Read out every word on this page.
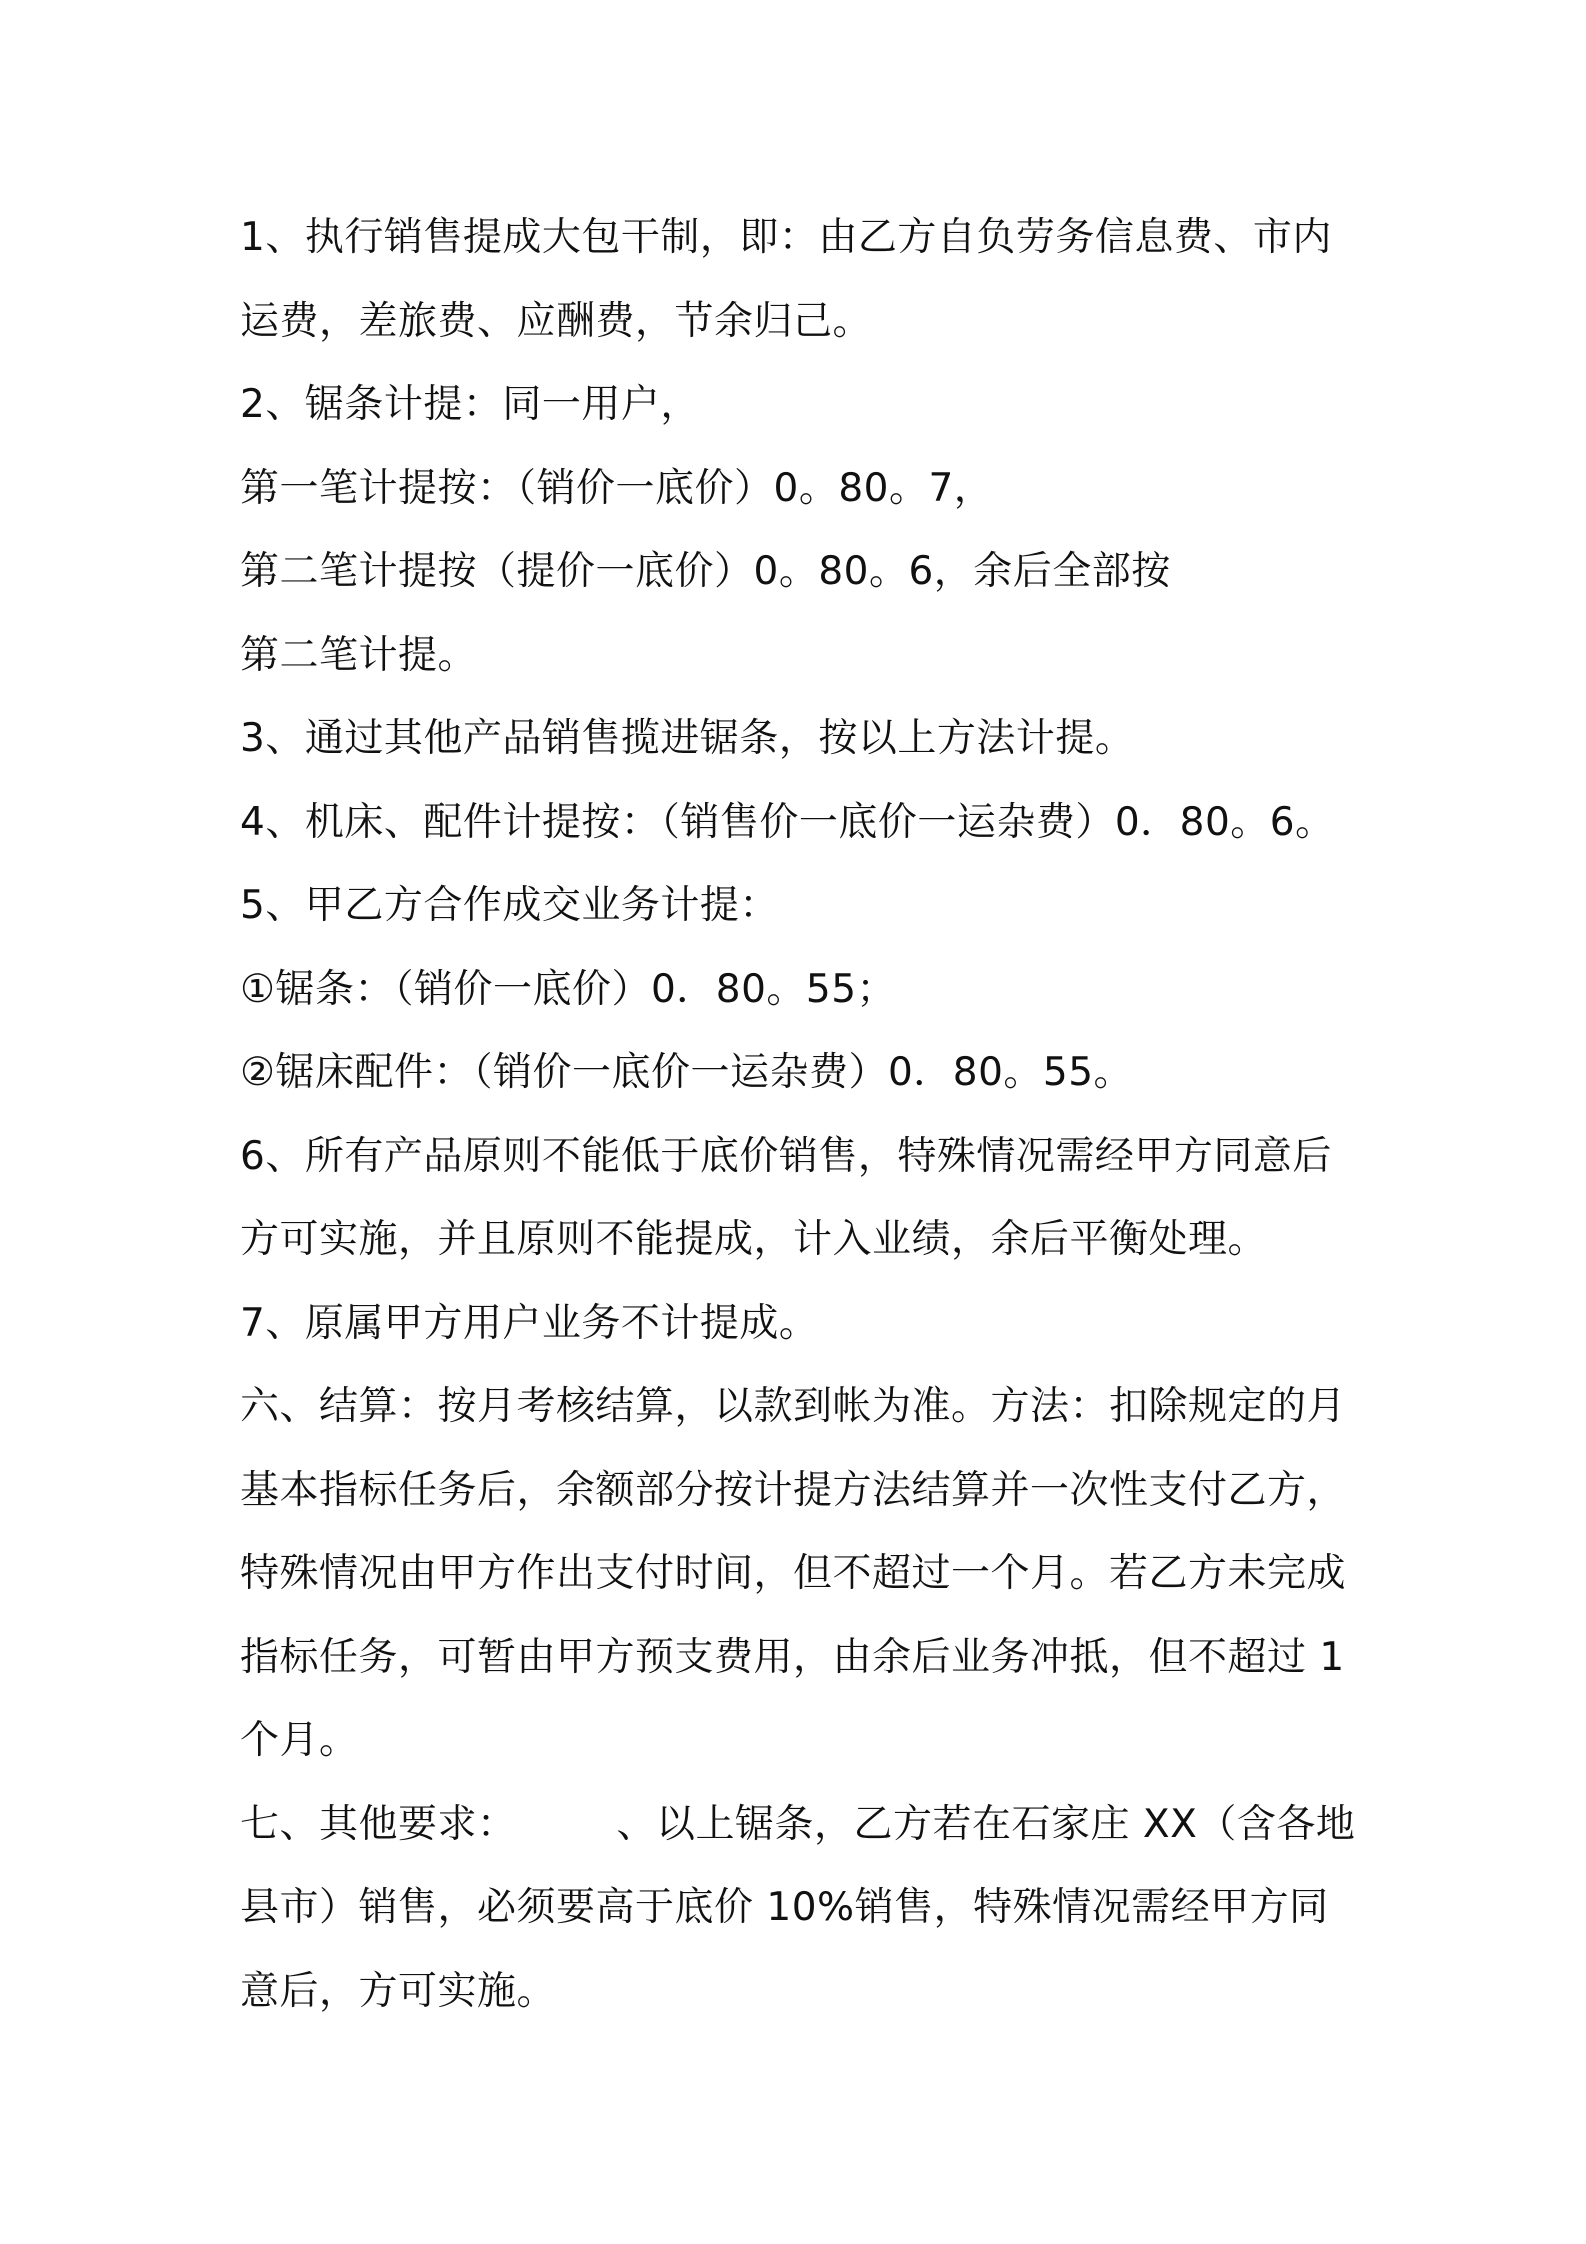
1、执行销售提成大包干制，即：由乙方自负劳务信息费、市内
运费，差旅费、应酬费，节余归己。
2、锯条计提：同一用户，
第一笔计提按：（销价一底价）0。80。7，
第二笔计提按（提价一底价）0。80。6，余后全部按
第二笔计提。
3、通过其他产品销售揽进锯条，按以上方法计提。
4、机床、配件计提按：（销售价一底价一运杂费）0．80。6。
5、甲乙方合作成交业务计提：
①锯条：（销价一底价）0．80。55；
②锯床配件：（销价一底价一运杂费）0．80。55。
6、所有产品原则不能低于底价销售，特殊情况需经甲方同意后
方可实施，并且原则不能提成，计入业绩，余后平衡处理。
7、原属甲方用户业务不计提成。
六、结算：按月考核结算，以款到帐为准。方法：扣除规定的月
基本指标任务后，余额部分按计提方法结算并一次性支付乙方，
特殊情况由甲方作出支付时间，但不超过一个月。若乙方未完成
指标任务，可暂由甲方预支费用，由余后业务冲抵，但不超过 1
个月。
七、其他要求：	、以上锯条，乙方若在石家庄 XX（含各地
县市）销售，必须要高于底价 10%销售，特殊情况需经甲方同
意后，方可实施。
